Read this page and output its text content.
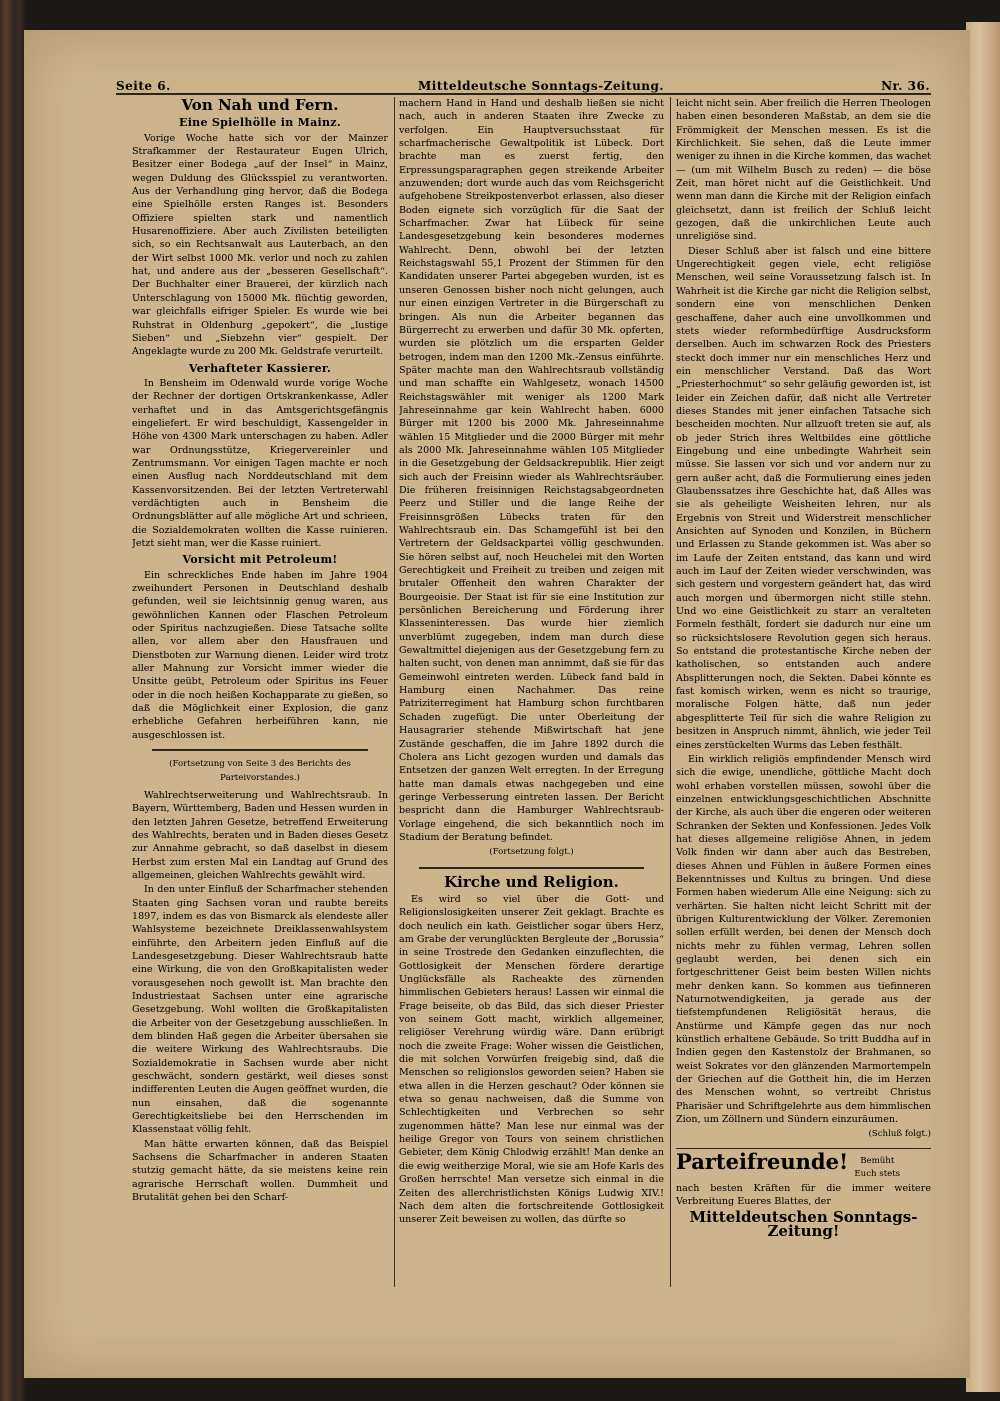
Seite 6.	Mitteldeutsche Sonntags-Zeitung.	Nr. 36.
Von Nah und Fern.
Eine Spielhölle in Mainz.

Vorige Woche hatte sich vor der Mainzer Strafkammer der Restaurateur Eugen Ulrich, Besitzer einer Bodega „auf der Insel“ in Mainz, wegen Duldung des Glücksspiel zu verantworten. Aus der Verhandlung ging hervor, daß die Bodega eine Spielhölle ersten Ranges ist. Besonders Offiziere spielten stark und namentlich Husarenoffiziere. Aber auch Zivilisten beteiligten sich, so ein Rechtsanwalt aus Lauterbach, an den der Wirt selbst 1000 Mk. verlor und noch zu zahlen hat, und andere aus der „besseren Gesellschaft“. Der Buchhalter einer Brauerei, der kürzlich nach Unterschlagung von 15000 Mk. flüchtig geworden, war gleichfalls eifriger Spieler. Es wurde wie bei Ruhstrat in Oldenburg „gepokert“, die „lustige Sieben“ und „Siebzehn vier“ gespielt. Der Angeklagte wurde zu 200 Mk. Geldstrafe verurteilt.

Verhafteter Kassierer.

In Bensheim im Odenwald wurde vorige Woche der Rechner der dortigen Ortskrankenkasse, Adler verhaftet und in das Amtsgerichtsgefängnis eingeliefert. Er wird beschuldigt, Kassengelder in Höhe von 4300 Mark unterschagen zu haben. Adler war Ordnungsstütze, Kriegervereinler und Zentrumsmann. Vor einigen Tagen machte er noch einen Ausflug nach Norddeutschland mit dem Kassenvorsitzenden. Bei der letzten Vertreterwahl verdächtigten auch in Bensheim die Ordnungsblätter auf alle mögliche Art und schrieen, die Sozialdemokraten wollten die Kasse ruinieren. Jetzt sieht man, wer die Kasse ruiniert.

Vorsicht mit Petroleum!

Ein schreckliches Ende haben im Jahre 1904 zweihundert Personen in Deutschland deshalb gefunden, weil sie leichtsinnig genug waren, aus gewöhnlichen Kannen oder Flaschen Petroleum oder Spiritus nachzugießen. Diese Tatsache sollte allen, vor allem aber den Hausfrauen und Dienstboten zur Warnung dienen. Leider wird trotz aller Mahnung zur Vorsicht immer wieder die Unsitte geübt, Petroleum oder Spiritus ins Feuer oder in die noch heißen Kochapparate zu gießen, so daß die Möglichkeit einer Explosion, die ganz erhebliche Gefahren herbeiführen kann, nie ausgeschlossen ist.

(Fortsetzung von Seite 3 des Berichts des Parteivorstandes.)

Wahlrechtserweiterung und Wahlrechtsraub. In Bayern, Württemberg, Baden und Hessen wurden in den letzten Jahren Gesetze, betreffend Erweiterung des Wahlrechts, beraten und in Baden dieses Gesetz zur Annahme gebracht, so daß daselbst in diesem Herbst zum ersten Mal ein Landtag auf Grund des allgemeinen, gleichen Wahlrechts gewählt wird.

In den unter Einfluß der Scharfmacher stehenden Staaten ging Sachsen voran und raubte bereits 1897, indem es das von Bismarck als elendeste aller Wahlsysteme bezeichnete Dreiklassenwahlsystem einführte, den Arbeitern jeden Einfluß auf die Landesgesetzgebung. Dieser Wahlrechtsraub hatte eine Wirkung, die von den Großkapitalisten weder vorausgesehen noch gewollt ist. Man brachte den Industriestaat Sachsen unter eine agrarische Gesetzgebung. Wohl wollten die Großkapitalisten die Arbeiter von der Gesetzgebung ausschließen. In dem blinden Haß gegen die Arbeiter übersahen sie die weitere Wirkung des Wahlrechtsraubs. Die Sozialdemokratie in Sachsen wurde aber nicht geschwächt, sondern gestärkt, weil dieses sonst indifferenten Leuten die Augen geöffnet wurden, die nun einsahen, daß die sogenannte Gerechtigkeitsliebe bei den Herrschenden im Klassenstaat völlig fehlt.

Man hätte erwarten können, daß das Beispiel Sachsens die Scharfmacher in anderen Staaten stutzig gemacht hätte, da sie meistens keine rein agrarische Herrschaft wollen. Dummheit und Brutalität gehen bei den Scharf-

machern Hand in Hand und deshalb ließen sie nicht nach, auch in anderen Staaten ihre Zwecke zu verfolgen. Ein Hauptversuchsstaat für scharfmacherische Gewaltpolitik ist Lübeck. Dort brachte man es zuerst fertig, den Erpressungsparagraphen gegen streikende Arbeiter anzuwenden; dort wurde auch das vom Reichsgericht aufgehobene Streikpostenverbot erlassen, also dieser Boden eignete sich vorzüglich für die Saat der Scharfmacher. Zwar hat Lübeck für seine Landesgesetzgebung kein besonderes modernes Wahlrecht. Denn, obwohl bei der letzten Reichstagswahl 55,1 Prozent der Stimmen für den Kandidaten unserer Partei abgegeben wurden, ist es unseren Genossen bisher noch nicht gelungen, auch nur einen einzigen Vertreter in die Bürgerschaft zu bringen. Als nun die Arbeiter begannen das Bürgerrecht zu erwerben und dafür 30 Mk. opferten, wurden sie plötzlich um die ersparten Gelder betrogen, indem man den 1200 Mk.-Zensus einführte. Später machte man den Wahlrechtsraub vollständig und man schaffte ein Wahlgesetz, wonach 14500 Reichstagswähler mit weniger als 1200 Mark Jahreseinnahme gar kein Wahlrecht haben. 6000 Bürger mit 1200 bis 2000 Mk. Jahreseinnahme wählen 15 Mitglieder und die 2000 Bürger mit mehr als 2000 Mk. Jahreseinnahme wählen 105 Mitglieder in die Gesetzgebung der Geldsackrepublik. Hier zeigt sich auch der Freisinn wieder als Wahlrechtsräuber. Die früheren freisinnigen Reichstagsabgeordneten Peerz und Stiller und die lange Reihe der Freisinnsgrößen Lübecks traten für den Wahlrechtsraub ein. Das Schamgefühl ist bei den Vertretern der Geldsackpartei völlig geschwunden. Sie hören selbst auf, noch Heuchelei mit den Worten Gerechtigkeit und Freiheit zu treiben und zeigen mit brutaler Offenheit den wahren Charakter der Bourgeoisie. Der Staat ist für sie eine Institution zur persönlichen Bereicherung und Förderung ihrer Klasseninteressen. Das wurde hier ziemlich unverblümt zugegeben, indem man durch diese Gewaltmittel diejenigen aus der Gesetzgebung fern zu halten sucht, von denen man annimmt, daß sie für das Gemeinwohl eintreten werden. Lübeck fand bald in Hamburg einen Nachahmer. Das reine Patriziterregiment hat Hamburg schon furchtbaren Schaden zugefügt. Die unter Oberleitung der Hausagrarier stehende Mißwirtschaft hat jene Zustände geschaffen, die im Jahre 1892 durch die Cholera ans Licht gezogen wurden und damals das Entsetzen der ganzen Welt erregten. In der Erregung hatte man damals etwas nachgegeben und eine geringe Verbesserung eintreten lassen. Der Bericht bespricht dann die Hamburger Wahlrechtsraub-Vorlage eingehend, die sich bekanntlich noch im Stadium der Beratung befindet.

(Fortsetzung folgt.)
Kirche und Religion.

Es wird so viel über die Gott- und Religionslosigkeiten unserer Zeit geklagt. Brachte es doch neulich ein kath. Geistlicher sogar übers Herz, am Grabe der verunglückten Bergleute der „Borussia“ in seine Trostrede den Gedanken einzuflechten, die Gottlosigkeit der Menschen fördere derartige Unglücksfälle als Racheakte des zürnenden himmlischen Gebieters heraus! Lassen wir einmal die Frage beiseite, ob das Bild, das sich dieser Priester von seinem Gott macht, wirklich allgemeiner, religiöser Verehrung würdig wäre. Dann erübrigt noch die zweite Frage: Woher wissen die Geistlichen, die mit solchen Vorwürfen freigebig sind, daß die Menschen so religionslos geworden seien? Haben sie etwa allen in die Herzen geschaut? Oder können sie etwa so genau nachweisen, daß die Summe von Schlechtigkeiten und Verbrechen so sehr zugenommen hätte? Man lese nur einmal was der heilige Gregor von Tours von seinem christlichen Gebieter, dem König Chlodwig erzählt! Man denke an die ewig weitherzige Moral, wie sie am Hofe Karls des Großen herrschte! Man versetze sich einmal in die Zeiten des allerchristlichsten Königs Ludwig XIV.! Nach dem alten die fortschreitende Gottlosigkeit unserer Zeit beweisen zu wollen, das dürfte so

leicht nicht sein. Aber freilich die Herren Theologen haben einen besonderen Maßstab, an dem sie die Frömmigkeit der Menschen messen. Es ist die Kirchlichkeit. Sie sehen, daß die Leute immer weniger zu ihnen in die Kirche kommen, das wachet — (um mit Wilhelm Busch zu reden) — die böse Zeit, man höret nicht auf die Geistlichkeit. Und wenn man dann die Kirche mit der Religion einfach gleichsetzt, dann ist freilich der Schluß leicht gezogen, daß die unkirchlichen Leute auch unreligiöse sind.

Dieser Schluß aber ist falsch und eine bittere Ungerechtigkeit gegen viele, echt religiöse Menschen, weil seine Voraussetzung falsch ist. In Wahrheit ist die Kirche gar nicht die Religion selbst, sondern eine von menschlichen Denken geschaffene, daher auch eine unvollkommen und stets wieder reformbedürftige Ausdrucksform derselben. Auch im schwarzen Rock des Priesters steckt doch immer nur ein menschliches Herz und ein menschlicher Verstand. Daß das Wort „Priesterhochmut“ so sehr geläufig geworden ist, ist leider ein Zeichen dafür, daß nicht alle Vertreter dieses Standes mit jener einfachen Tatsache sich bescheiden mochten. Nur allzuoft treten sie auf, als ob jeder Strich ihres Weltbildes eine göttliche Eingebung und eine unbedingte Wahrheit sein müsse. Sie lassen vor sich und vor andern nur zu gern außer acht, daß die Formulierung eines jeden Glaubenssatzes ihre Geschichte hat, daß Alles was sie als geheiligte Weisheiten lehren, nur als Ergebnis von Streit und Widerstreit menschlicher Ansichten auf Synoden und Konzilen, in Büchern und Erlassen zu Stande gekommen ist. Was aber so im Laufe der Zeiten entstand, das kann und wird auch im Lauf der Zeiten wieder verschwinden, was sich gestern und vorgestern geändert hat, das wird auch morgen und übermorgen nicht stille stehn. Und wo eine Geistlichkeit zu starr an veralteten Formeln festhält, fordert sie dadurch nur eine um so rücksichtslosere Revolution gegen sich heraus. So entstand die protestantische Kirche neben der katholischen, so entstanden auch andere Absplitterungen noch, die Sekten. Dabei könnte es fast komisch wirken, wenn es nicht so traurige, moralische Folgen hätte, daß nun jeder abgesplitterte Teil für sich die wahre Religion zu besitzen in Anspruch nimmt, ähnlich, wie jeder Teil eines zerstückelten Wurms das Leben festhält.

Ein wirklich religiös empfindender Mensch wird sich die ewige, unendliche, göttliche Macht doch wohl erhaben vorstellen müssen, sowohl über die einzelnen entwicklungsgeschichtlichen Abschnitte der Kirche, als auch über die engeren oder weiteren Schranken der Sekten und Konfessionen. Jedes Volk hat dieses allgemeine religiöse Ahnen, in jedem Volk finden wir dann aber auch das Bestreben, dieses Ahnen und Fühlen in äußere Formen eines Bekenntnisses und Kultus zu bringen. Und diese Formen haben wiederum Alle eine Neigung: sich zu verhärten. Sie halten nicht leicht Schritt mit der übrigen Kulturentwicklung der Völker. Zeremonien sollen erfüllt werden, bei denen der Mensch doch nichts mehr zu fühlen vermag, Lehren sollen geglaubt werden, bei denen sich ein fortgeschrittener Geist beim besten Willen nichts mehr denken kann. So kommen aus tiefinneren Naturnotwendigkeiten, ja gerade aus der tiefstempfundenen Religiösität heraus, die Anstürme und Kämpfe gegen das nur noch künstlich erhaltene Gebäude. So tritt Buddha auf in Indien gegen den Kastenstolz der Brahmanen, so weist Sokrates vor den glänzenden Marmortempeln der Griechen auf die Gottheit hin, die im Herzen des Menschen wohnt, so vertreibt Christus Pharisäer und Schriftgelehrte aus dem himmlischen Zion, um Zöllnern und Sündern einzuräumen.

(Schluß folgt.)
Parteifreunde! Bemüht Euch stets
nach besten Kräften für die immer weitere Verbreitung Eueres Blattes, der
Mitteldeutschen Sonntags-Zeitung!
